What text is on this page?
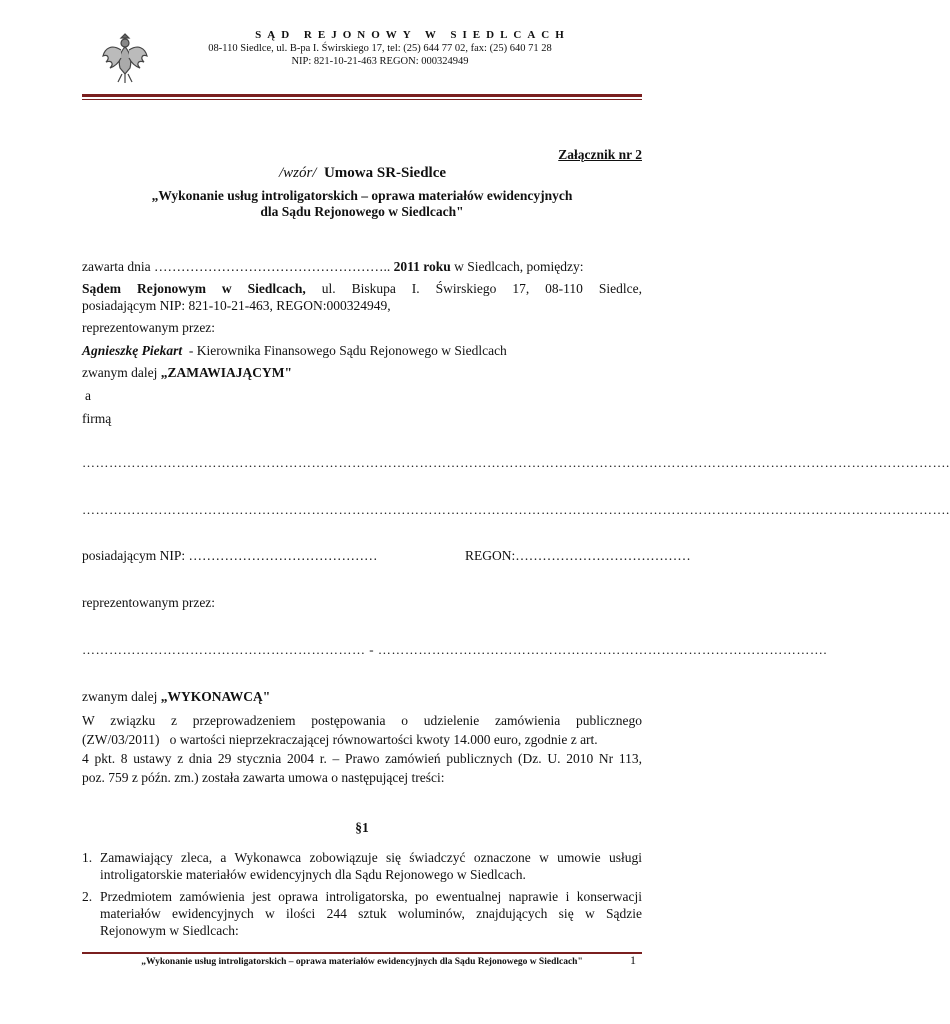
SĄD REJONOWY W SIEDLCACH
08-110 Siedlce, ul. B-pa I. Świrskiego 17, tel: (25) 644 77 02, fax: (25) 640 71 28
NIP: 821-10-21-463 REGON: 000324949
Załącznik nr 2
/wzór/ Umowa SR-Siedlce
„Wykonanie usług introligatorskich – oprawa materiałów ewidencyjnych
dla Sądu Rejonowego w Siedlcach"
zawarta dnia …………………………………………….. 2011 roku w Siedlcach, pomiędzy:
Sądem Rejonowym w Siedlcach, ul. Biskupa I. Świrskiego 17, 08-110 Siedlce,
posiadającym NIP: 821-10-21-463, REGON:000324949,
reprezentowanym przez:
Agnieszkę Piekart - Kierownika Finansowego Sądu Rejonowego w Siedlcach
zwanym dalej „ZAMAWIAJĄCYM"
a
firmą
………………………………………………………………………………………………………………………………………………………………………….
………………………………………………………………………………………………………………………………………………………………………….
posiadającym NIP: ……………………………………	REGON:…………………………………
reprezentowanym przez:
……………………………………………………… - ……………………………………………………………………………………….
zwanym dalej „WYKONAWCĄ"
W związku z przeprowadzeniem postępowania o udzielenie zamówienia publicznego
(ZW/03/2011)   o wartości nieprzekraczającej równowartości kwoty 14.000 euro, zgodnie z art.
4 pkt. 8 ustawy z dnia 29 stycznia 2004 r. – Prawo zamówień publicznych (Dz. U. 2010 Nr 113,
poz. 759 z późn. zm.) została zawarta umowa o następującej treści:
§1
1. Zamawiający zleca, a Wykonawca zobowiązuje się świadczyć oznaczone w umowie usługi
introligatorskie materiałów ewidencyjnych dla Sądu Rejonowego w Siedlcach.
2. Przedmiotem zamówienia jest oprawa introligatorska, po ewentualnej naprawie i konserwacji
materiałów ewidencyjnych w ilości 244 sztuk woluminów, znajdujących się w Sądzie
Rejonowym w Siedlcach:
„Wykonanie usług introligatorskich – oprawa materiałów ewidencyjnych dla Sądu Rejonowego w Siedlcach"	1
